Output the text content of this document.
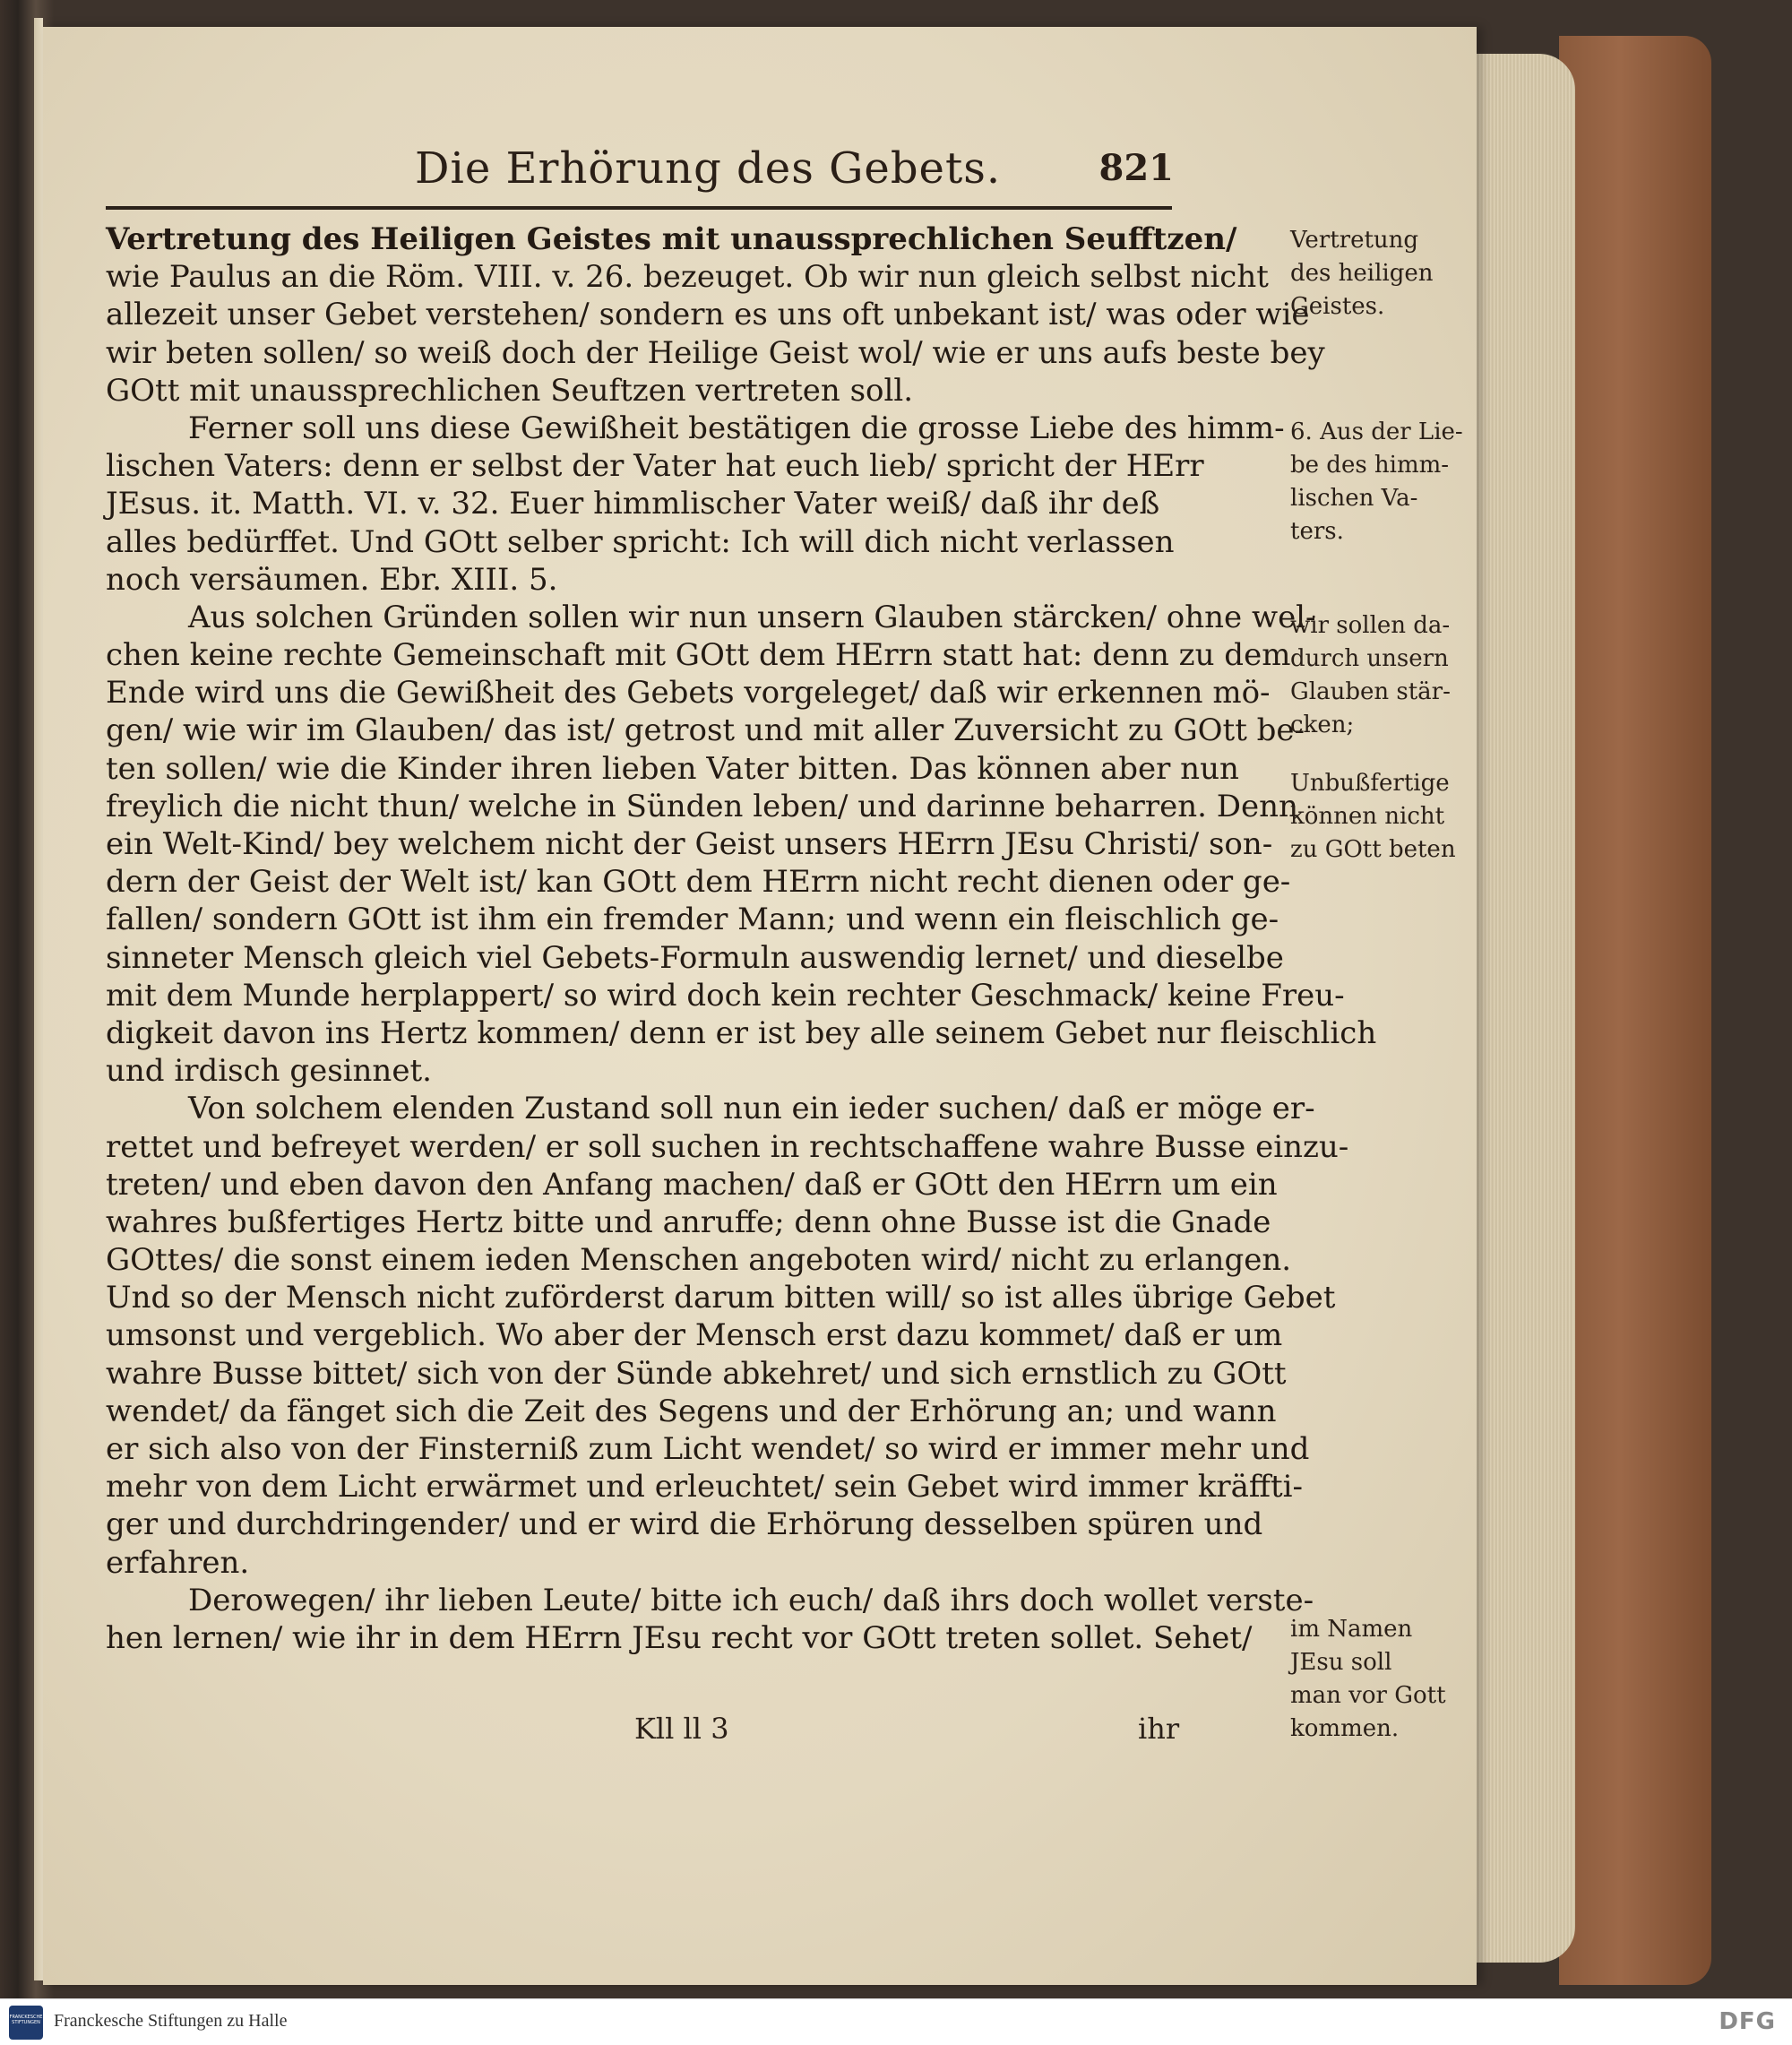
Die Erhörung des Gebets.	821
Vertretung des Heiligen Geistes mit unaussprechlichen Seufftzen/
wie Paulus an die Röm. VIII. v. 26. bezeuget. Ob wir nun gleich selbst nicht
allezeit unser Gebet verstehen/ sondern es uns oft unbekant ist/ was oder wie
wir beten sollen/ so weiß doch der Heilige Geist wol/ wie er uns aufs beste bey
GOtt mit unaussprechlichen Seuftzen vertreten soll.
Ferner soll uns diese Gewißheit bestätigen die grosse Liebe des himm-
lischen Vaters: denn er selbst der Vater hat euch lieb/ spricht der HErr
JEsus. it. Matth. VI. v. 32. Euer himmlischer Vater weiß/ daß ihr deß
alles bedürffet. Und GOtt selber spricht: Ich will dich nicht verlassen
noch versäumen. Ebr. XIII. 5.
Aus solchen Gründen sollen wir nun unsern Glauben stärcken/ ohne wel-
chen keine rechte Gemeinschaft mit GOtt dem HErrn statt hat: denn zu dem
Ende wird uns die Gewißheit des Gebets vorgeleget/ daß wir erkennen mö-
gen/ wie wir im Glauben/ das ist/ getrost und mit aller Zuversicht zu GOtt be-
ten sollen/ wie die Kinder ihren lieben Vater bitten. Das können aber nun
freylich die nicht thun/ welche in Sünden leben/ und darinne beharren. Denn
ein Welt-Kind/ bey welchem nicht der Geist unsers HErrn JEsu Christi/ son-
dern der Geist der Welt ist/ kan GOtt dem HErrn nicht recht dienen oder ge-
fallen/ sondern GOtt ist ihm ein fremder Mann; und wenn ein fleischlich ge-
sinneter Mensch gleich viel Gebets-Formuln auswendig lernet/ und dieselbe
mit dem Munde herplappert/ so wird doch kein rechter Geschmack/ keine Freu-
digkeit davon ins Hertz kommen/ denn er ist bey alle seinem Gebet nur fleischlich
und irdisch gesinnet.
Von solchem elenden Zustand soll nun ein ieder suchen/ daß er möge er-
rettet und befreyet werden/ er soll suchen in rechtschaffene wahre Busse einzu-
treten/ und eben davon den Anfang machen/ daß er GOtt den HErrn um ein
wahres bußfertiges Hertz bitte und anruffe; denn ohne Busse ist die Gnade
GOttes/ die sonst einem ieden Menschen angeboten wird/ nicht zu erlangen.
Und so der Mensch nicht zuförderst darum bitten will/ so ist alles übrige Gebet
umsonst und vergeblich. Wo aber der Mensch erst dazu kommet/ daß er um
wahre Busse bittet/ sich von der Sünde abkehret/ und sich ernstlich zu GOtt
wendet/ da fänget sich die Zeit des Segens und der Erhörung an; und wann
er sich also von der Finsterniß zum Licht wendet/ so wird er immer mehr und
mehr von dem Licht erwärmet und erleuchtet/ sein Gebet wird immer kräffti-
ger und durchdringender/ und er wird die Erhörung desselben spüren und
erfahren.
Derowegen/ ihr lieben Leute/ bitte ich euch/ daß ihrs doch wollet verste-
hen lernen/ wie ihr in dem HErrn JEsu recht vor GOtt treten sollet. Sehet/
Vertretung
des heiligen
Geistes.
6. Aus der Lie-
be des himm-
lischen Va-
ters.
wir sollen da-
durch unsern
Glauben stär-
cken;
Unbußfertige
können nicht
zu GOtt beten
im Namen
JEsu soll
man vor Gott
kommen.
Kll ll 3	ihr
FRANCKESCHE STIFTUNGEN Franckesche Stiftungen zu Halle	DFG
